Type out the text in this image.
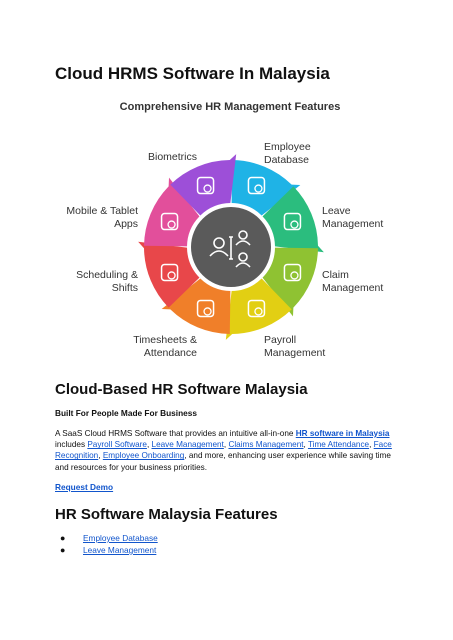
Cloud HRMS Software In Malaysia
Comprehensive HR Management Features
Employee Database
Leave Management
Claim Management
Payroll Management
Timesheets & Attendance
Scheduling & Shifts
Mobile & Tablet Apps
Biometrics
Cloud-Based HR Software Malaysia

Built For People Made For Business

A SaaS Cloud HRMS Software that provides an intuitive all-in-one HR software in Malaysia includes Payroll Software, Leave Management, Claims Management, Time Attendance, Face Recognition, Employee Onboarding, and more, enhancing user experience while saving time and resources for your business priorities.

Request Demo
HR Software Malaysia Features
● Employee Database
● Leave Management
